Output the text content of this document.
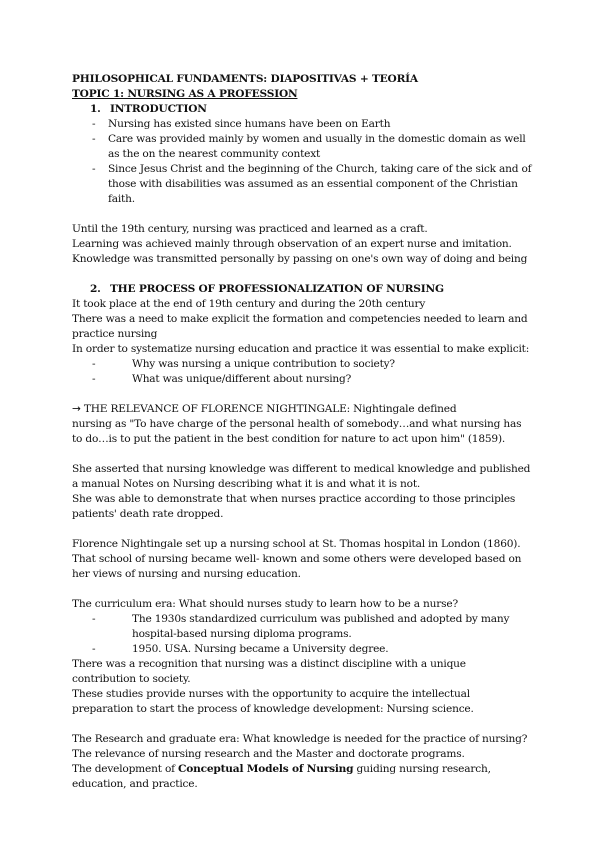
PHILOSOPHICAL FUNDAMENTS: DIAPOSITIVAS + TEORÍA

TOPIC 1: NURSING AS A PROFESSION

1. INTRODUCTION

- Nursing has existed since humans have been on Earth
- Care was provided mainly by women and usually in the domestic domain as well as the on the nearest community context
- Since Jesus Christ and the beginning of the Church, taking care of the sick and of those with disabilities was assumed as an essential component of the Christian faith.

Until the 19th century, nursing was practiced and learned as a craft.

Learning was achieved mainly through observation of an expert nurse and imitation.

Knowledge was transmitted personally by passing on one's own way of doing and being

2. THE PROCESS OF PROFESSIONALIZATION OF NURSING

It took place at the end of 19th century and during the 20th century

There was a need to make explicit the formation and competencies needed to learn and practice nursing

In order to systematize nursing education and practice it was essential to make explicit:

- Why was nursing a unique contribution to society?
- What was unique/different about nursing?

→ THE RELEVANCE OF FLORENCE NIGHTINGALE: Nightingale defined

nursing as "To have charge of the personal health of somebody…and what nursing has to do…is to put the patient in the best condition for nature to act upon him" (1859).

She asserted that nursing knowledge was different to medical knowledge and published a manual Notes on Nursing describing what it is and what it is not.

She was able to demonstrate that when nurses practice according to those principles patients' death rate dropped.

Florence Nightingale set up a nursing school at St. Thomas hospital in London (1860). That school of nursing became well- known and some others were developed based on her views of nursing and nursing education.

The curriculum era: What should nurses study to learn how to be a nurse?

- The 1930s standardized curriculum was published and adopted by many hospital-based nursing diploma programs.
- 1950. USA. Nursing became a University degree.

There was a recognition that nursing was a distinct discipline with a unique contribution to society.

These studies provide nurses with the opportunity to acquire the intellectual preparation to start the process of knowledge development: Nursing science.

The Research and graduate era: What knowledge is needed for the practice of nursing?

The relevance of nursing research and the Master and doctorate programs.

The development of Conceptual Models of Nursing guiding nursing research, education, and practice.
